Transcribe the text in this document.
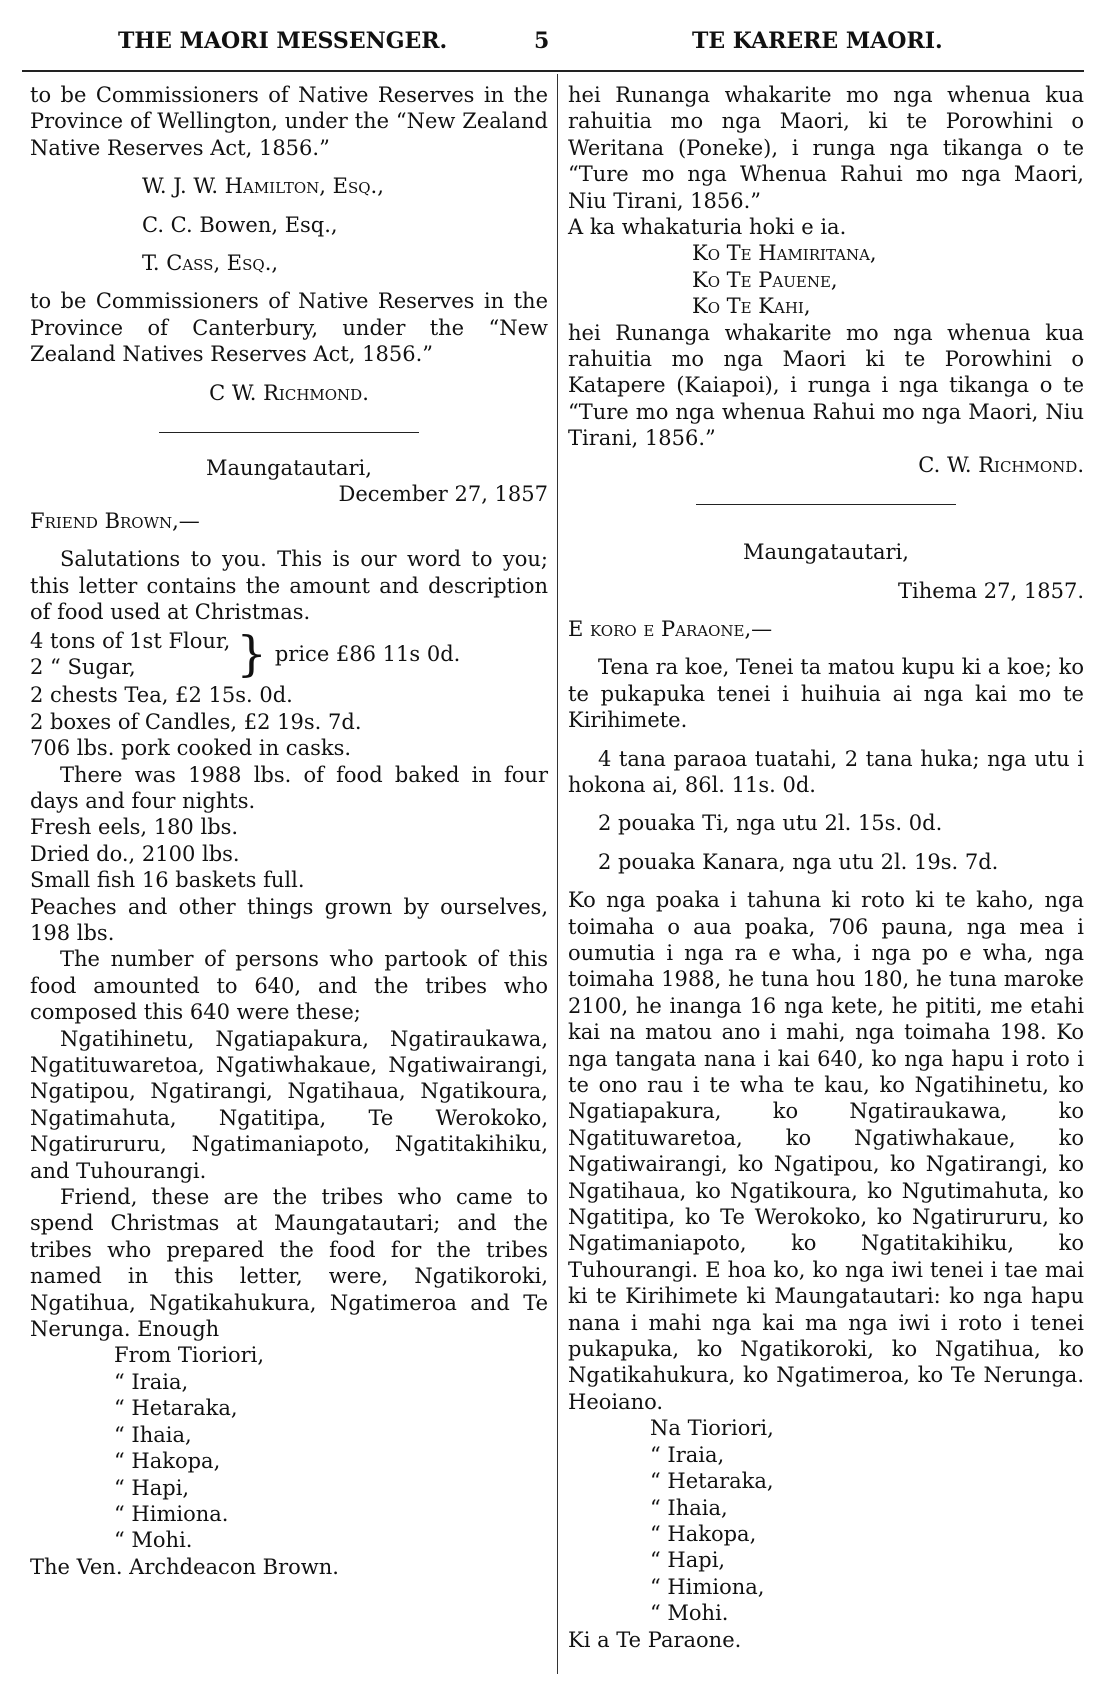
THE MAORI MESSENGER.	5	TE KARERE MAORI.

to be Commissioners of Native Reserves in the Province of Wellington, under the “New Zealand Native Reserves Act, 1856.”

W. J. W. Hamilton, Esq.,

C. C. Bowen, Esq.,

T. Cass, Esq.,

to be Commissioners of Native Reserves in the Province of Canterbury, under the “New Zealand Natives Reserves Act, 1856.”

C W. Richmond.

Maungatautari,

December 27, 1857

Friend Brown,—

Salutations to you. This is our word to you; this letter contains the amount and description of food used at Christmas.

4 tons of 1st Flour,
2 “ Sugar,	} price £86 11s 0d.

2 chests Tea, £2 15s. 0d.

2 boxes of Candles, £2 19s. 7d.

706 lbs. pork cooked in casks.

There was 1988 lbs. of food baked in four days and four nights.

Fresh eels, 180 lbs.

Dried do., 2100 lbs.

Small fish 16 baskets full.

Peaches and other things grown by ourselves, 198 lbs.

The number of persons who partook of this food amounted to 640, and the tribes who composed this 640 were these;

Ngatihinetu, Ngatiapakura, Ngatiraukawa, Ngatituwaretoa, Ngatiwhakaue, Ngatiwairangi, Ngatipou, Ngatirangi, Ngatihaua, Ngatikoura, Ngatimahuta, Ngatitipa, Te Werokoko, Ngatirururu, Ngatimaniapoto, Ngatitakihiku, and Tuhourangi.

Friend, these are the tribes who came to spend Christmas at Maungatautari; and the tribes who prepared the food for the tribes named in this letter, were, Ngatikoroki, Ngatihua, Ngatikahukura, Ngatimeroa and Te Nerunga. Enough

From Tioriori,

“ Iraia,

“ Hetaraka,

“ Ihaia,

“ Hakopa,

“ Hapi,

“ Himiona.

“ Mohi.

The Ven. Archdeacon Brown.

hei Runanga whakarite mo nga whenua kua rahuitia mo nga Maori, ki te Porowhini o Weritana (Poneke), i runga nga tikanga o te “Ture mo nga Whenua Rahui mo nga Maori, Niu Tirani, 1856.”

A ka whakaturia hoki e ia.

Ko Te Hamiritana,

Ko Te Pauene,

Ko Te Kahi,

hei Runanga whakarite mo nga whenua kua rahuitia mo nga Maori ki te Porowhini o Katapere (Kaiapoi), i runga i nga tikanga o te “Ture mo nga whenua Rahui mo nga Maori, Niu Tirani, 1856.”

C. W. Richmond.

Maungatautari,

Tihema 27, 1857.

E koro e Paraone,—

Tena ra koe, Tenei ta matou kupu ki a koe; ko te pukapuka tenei i huihuia ai nga kai mo te Kirihimete.

4 tana paraoa tuatahi, 2 tana huka; nga utu i hokona ai, 86l. 11s. 0d.

2 pouaka Ti, nga utu 2l. 15s. 0d.

2 pouaka Kanara, nga utu 2l. 19s. 7d.

Ko nga poaka i tahuna ki roto ki te kaho, nga toimaha o aua poaka, 706 pauna, nga mea i oumutia i nga ra e wha, i nga po e wha, nga toimaha 1988, he tuna hou 180, he tuna maroke 2100, he inanga 16 nga kete, he pititi, me etahi kai na matou ano i mahi, nga toimaha 198. Ko nga tangata nana i kai 640, ko nga hapu i roto i te ono rau i te wha te kau, ko Ngatihinetu, ko Ngatiapakura, ko Ngatiraukawa, ko Ngatituwaretoa, ko Ngatiwhakaue, ko Ngatiwairangi, ko Ngatipou, ko Ngatirangi, ko Ngatihaua, ko Ngatikoura, ko Ngutimahuta, ko Ngatitipa, ko Te Werokoko, ko Ngatirururu, ko Ngatimaniapoto, ko Ngatitakihiku, ko Tuhourangi. E hoa ko, ko nga iwi tenei i tae mai ki te Kirihimete ki Maungatautari: ko nga hapu nana i mahi nga kai ma nga iwi i roto i tenei pukapuka, ko Ngatikoroki, ko Ngatihua, ko Ngatikahukura, ko Ngatimeroa, ko Te Nerunga. Heoiano.

Na Tioriori,

“ Iraia,

“ Hetaraka,

“ Ihaia,

“ Hakopa,

“ Hapi,

“ Himiona,

“ Mohi.

Ki a Te Paraone.
